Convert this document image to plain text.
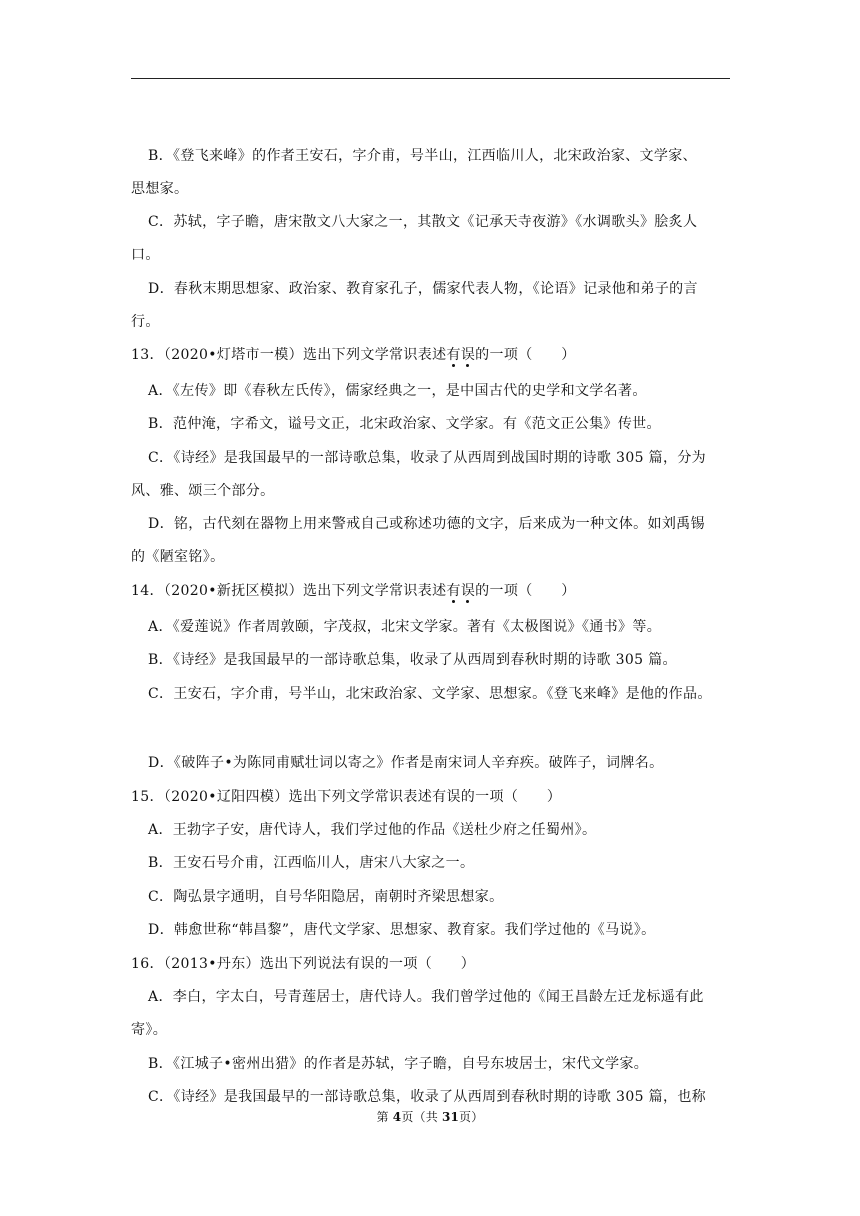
B．《登飞来峰》的作者王安石，字介甫，号半山，江西临川人，北宋政治家、文学家、
思想家。
C．苏轼，字子瞻，唐宋散文八大家之一，其散文《记承天寺夜游》《水调歌头》脍炙人
口。
D．春秋末期思想家、政治家、教育家孔子，儒家代表人物，《论语》记录他和弟子的言
行。
13．（2020•灯塔市一模）选出下列文学常识表述有误的一项（　　）
A．《左传》即《春秋左氏传》，儒家经典之一，是中国古代的史学和文学名著。
B．范仲淹，字希文，谥号文正，北宋政治家、文学家。有《范文正公集》传世。
C．《诗经》是我国最早的一部诗歌总集，收录了从西周到战国时期的诗歌 305 篇，分为
风、雅、颂三个部分。
D．铭，古代刻在器物上用来警戒自己或称述功德的文字，后来成为一种文体。如刘禹锡
的《陋室铭》。
14．（2020•新抚区模拟）选出下列文学常识表述有误的一项（　　）
A．《爱莲说》作者周敦颐，字茂叔，北宋文学家。著有《太极图说》《通书》等。
B．《诗经》是我国最早的一部诗歌总集，收录了从西周到春秋时期的诗歌 305 篇。
C．王安石，字介甫，号半山，北宋政治家、文学家、思想家。《登飞来峰》是他的作品。
D．《破阵子•为陈同甫赋壮词以寄之》作者是南宋词人辛弃疾。破阵子，词牌名。
15．（2020•辽阳四模）选出下列文学常识表述有误的一项（　　）
A．王勃字子安，唐代诗人，我们学过他的作品《送杜少府之任蜀州》。
B．王安石号介甫，江西临川人，唐宋八大家之一。
C．陶弘景字通明，自号华阳隐居，南朝时齐梁思想家。
D．韩愈世称“韩昌黎”，唐代文学家、思想家、教育家。我们学过他的《马说》。
16．（2013•丹东）选出下列说法有误的一项（　　）
A．李白，字太白，号青莲居士，唐代诗人。我们曾学过他的《闻王昌龄左迁龙标遥有此
寄》。
B．《江城子•密州出猎》的作者是苏轼，字子瞻，自号东坡居士，宋代文学家。
C．《诗经》是我国最早的一部诗歌总集，收录了从西周到春秋时期的诗歌 305 篇，也称
第 4页（共 31页）
